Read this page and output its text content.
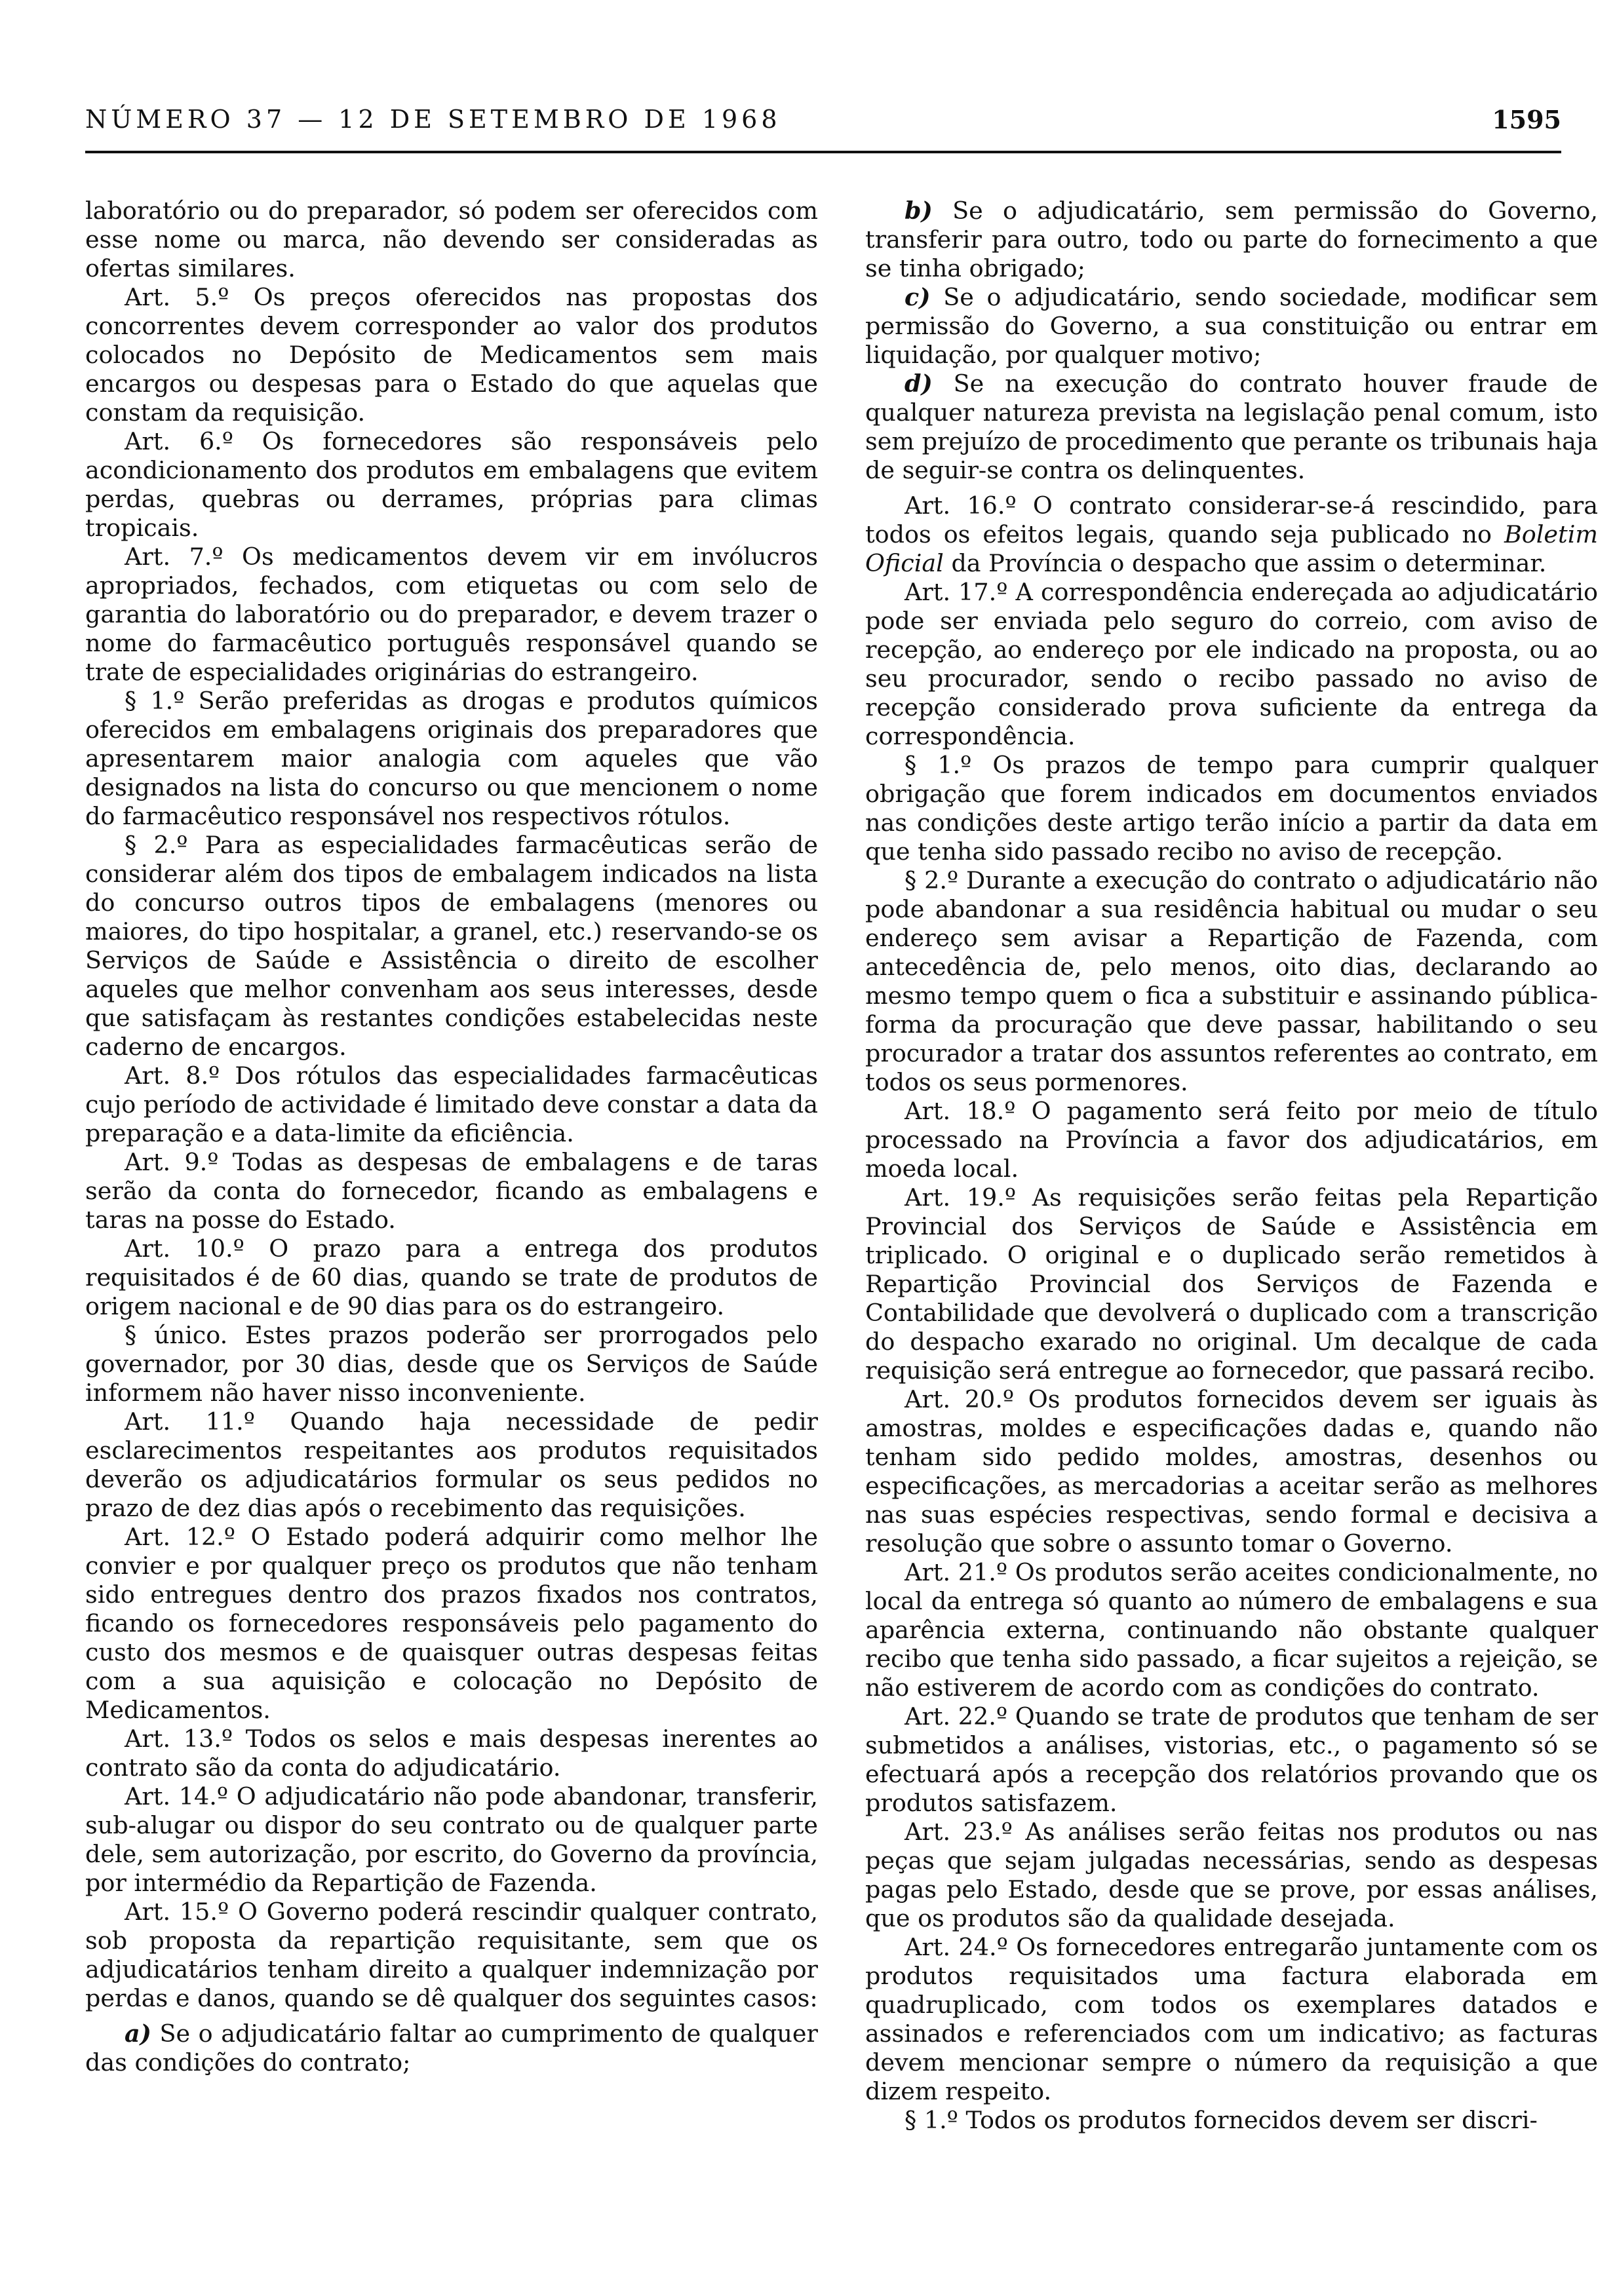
NÚMERO 37 — 12 DE SETEMBRO DE 1968	1595

laboratório ou do preparador, só podem ser oferecidos com esse nome ou marca, não devendo ser consideradas as ofertas similares.

Art. 5.º Os preços oferecidos nas propostas dos concorrentes devem corresponder ao valor dos produtos colocados no Depósito de Medicamentos sem mais encargos ou despesas para o Estado do que aquelas que constam da requisição.

Art. 6.º Os fornecedores são responsáveis pelo acondicionamento dos produtos em embalagens que evitem perdas, quebras ou derrames, próprias para climas tropicais.

Art. 7.º Os medicamentos devem vir em invólucros apropriados, fechados, com etiquetas ou com selo de garantia do laboratório ou do preparador, e devem trazer o nome do farmacêutico português responsável quando se trate de especialidades originárias do estrangeiro.

§ 1.º Serão preferidas as drogas e produtos químicos oferecidos em embalagens originais dos preparadores que apresentarem maior analogia com aqueles que vão designados na lista do concurso ou que mencionem o nome do farmacêutico responsável nos respectivos rótulos.

§ 2.º Para as especialidades farmacêuticas serão de considerar além dos tipos de embalagem indicados na lista do concurso outros tipos de embalagens (menores ou maiores, do tipo hospitalar, a granel, etc.) reservando-se os Serviços de Saúde e Assistência o direito de escolher aqueles que melhor convenham aos seus interesses, desde que satisfaçam às restantes condições estabelecidas neste caderno de encargos.

Art. 8.º Dos rótulos das especialidades farmacêuticas cujo período de actividade é limitado deve constar a data da preparação e a data-limite da eficiência.

Art. 9.º Todas as despesas de embalagens e de taras serão da conta do fornecedor, ficando as embalagens e taras na posse do Estado.

Art. 10.º O prazo para a entrega dos produtos requisitados é de 60 dias, quando se trate de produtos de origem nacional e de 90 dias para os do estrangeiro.

§ único. Estes prazos poderão ser prorrogados pelo governador, por 30 dias, desde que os Serviços de Saúde informem não haver nisso inconveniente.

Art. 11.º Quando haja necessidade de pedir esclarecimentos respeitantes aos produtos requisitados deverão os adjudicatários formular os seus pedidos no prazo de dez dias após o recebimento das requisições.

Art. 12.º O Estado poderá adquirir como melhor lhe convier e por qualquer preço os produtos que não tenham sido entregues dentro dos prazos fixados nos contratos, ficando os fornecedores responsáveis pelo pagamento do custo dos mesmos e de quaisquer outras despesas feitas com a sua aquisição e colocação no Depósito de Medicamentos.

Art. 13.º Todos os selos e mais despesas inerentes ao contrato são da conta do adjudicatário.

Art. 14.º O adjudicatário não pode abandonar, transferir, sub-alugar ou dispor do seu contrato ou de qualquer parte dele, sem autorização, por escrito, do Governo da província, por intermédio da Repartição de Fazenda.

Art. 15.º O Governo poderá rescindir qualquer contrato, sob proposta da repartição requisitante, sem que os adjudicatários tenham direito a qualquer indemnização por perdas e danos, quando se dê qualquer dos seguintes casos:

a) Se o adjudicatário faltar ao cumprimento de qualquer das condições do contrato;

b) Se o adjudicatário, sem permissão do Governo, transferir para outro, todo ou parte do fornecimento a que se tinha obrigado;

c) Se o adjudicatário, sendo sociedade, modificar sem permissão do Governo, a sua constituição ou entrar em liquidação, por qualquer motivo;

d) Se na execução do contrato houver fraude de qualquer natureza prevista na legislação penal comum, isto sem prejuízo de procedimento que perante os tribunais haja de seguir-se contra os delinquentes.

Art. 16.º O contrato considerar-se-á rescindido, para todos os efeitos legais, quando seja publicado no Boletim Oficial da Província o despacho que assim o determinar.

Art. 17.º A correspondência endereçada ao adjudicatário pode ser enviada pelo seguro do correio, com aviso de recepção, ao endereço por ele indicado na proposta, ou ao seu procurador, sendo o recibo passado no aviso de recepção considerado prova suficiente da entrega da correspondência.

§ 1.º Os prazos de tempo para cumprir qualquer obrigação que forem indicados em documentos enviados nas condições deste artigo terão início a partir da data em que tenha sido passado recibo no aviso de recepção.

§ 2.º Durante a execução do contrato o adjudicatário não pode abandonar a sua residência habitual ou mudar o seu endereço sem avisar a Repartição de Fazenda, com antecedência de, pelo menos, oito dias, declarando ao mesmo tempo quem o fica a substituir e assinando pública-forma da procuração que deve passar, habilitando o seu procurador a tratar dos assuntos referentes ao contrato, em todos os seus pormenores.

Art. 18.º O pagamento será feito por meio de título processado na Província a favor dos adjudicatários, em moeda local.

Art. 19.º As requisições serão feitas pela Repartição Provincial dos Serviços de Saúde e Assistência em triplicado. O original e o duplicado serão remetidos à Repartição Provincial dos Serviços de Fazenda e Contabilidade que devolverá o duplicado com a transcrição do despacho exarado no original. Um decalque de cada requisição será entregue ao fornecedor, que passará recibo.

Art. 20.º Os produtos fornecidos devem ser iguais às amostras, moldes e especificações dadas e, quando não tenham sido pedido moldes, amostras, desenhos ou especificações, as mercadorias a aceitar serão as melhores nas suas espécies respectivas, sendo formal e decisiva a resolução que sobre o assunto tomar o Governo.

Art. 21.º Os produtos serão aceites condicionalmente, no local da entrega só quanto ao número de embalagens e sua aparência externa, continuando não obstante qualquer recibo que tenha sido passado, a ficar sujeitos a rejeição, se não estiverem de acordo com as condições do contrato.

Art. 22.º Quando se trate de produtos que tenham de ser submetidos a análises, vistorias, etc., o pagamento só se efectuará após a recepção dos relatórios provando que os produtos satisfazem.

Art. 23.º As análises serão feitas nos produtos ou nas peças que sejam julgadas necessárias, sendo as despesas pagas pelo Estado, desde que se prove, por essas análises, que os produtos são da qualidade desejada.

Art. 24.º Os fornecedores entregarão juntamente com os produtos requisitados uma factura elaborada em quadruplicado, com todos os exemplares datados e assinados e referenciados com um indicativo; as facturas devem mencionar sempre o número da requisição a que dizem respeito.

§ 1.º Todos os produtos fornecidos devem ser discri-
